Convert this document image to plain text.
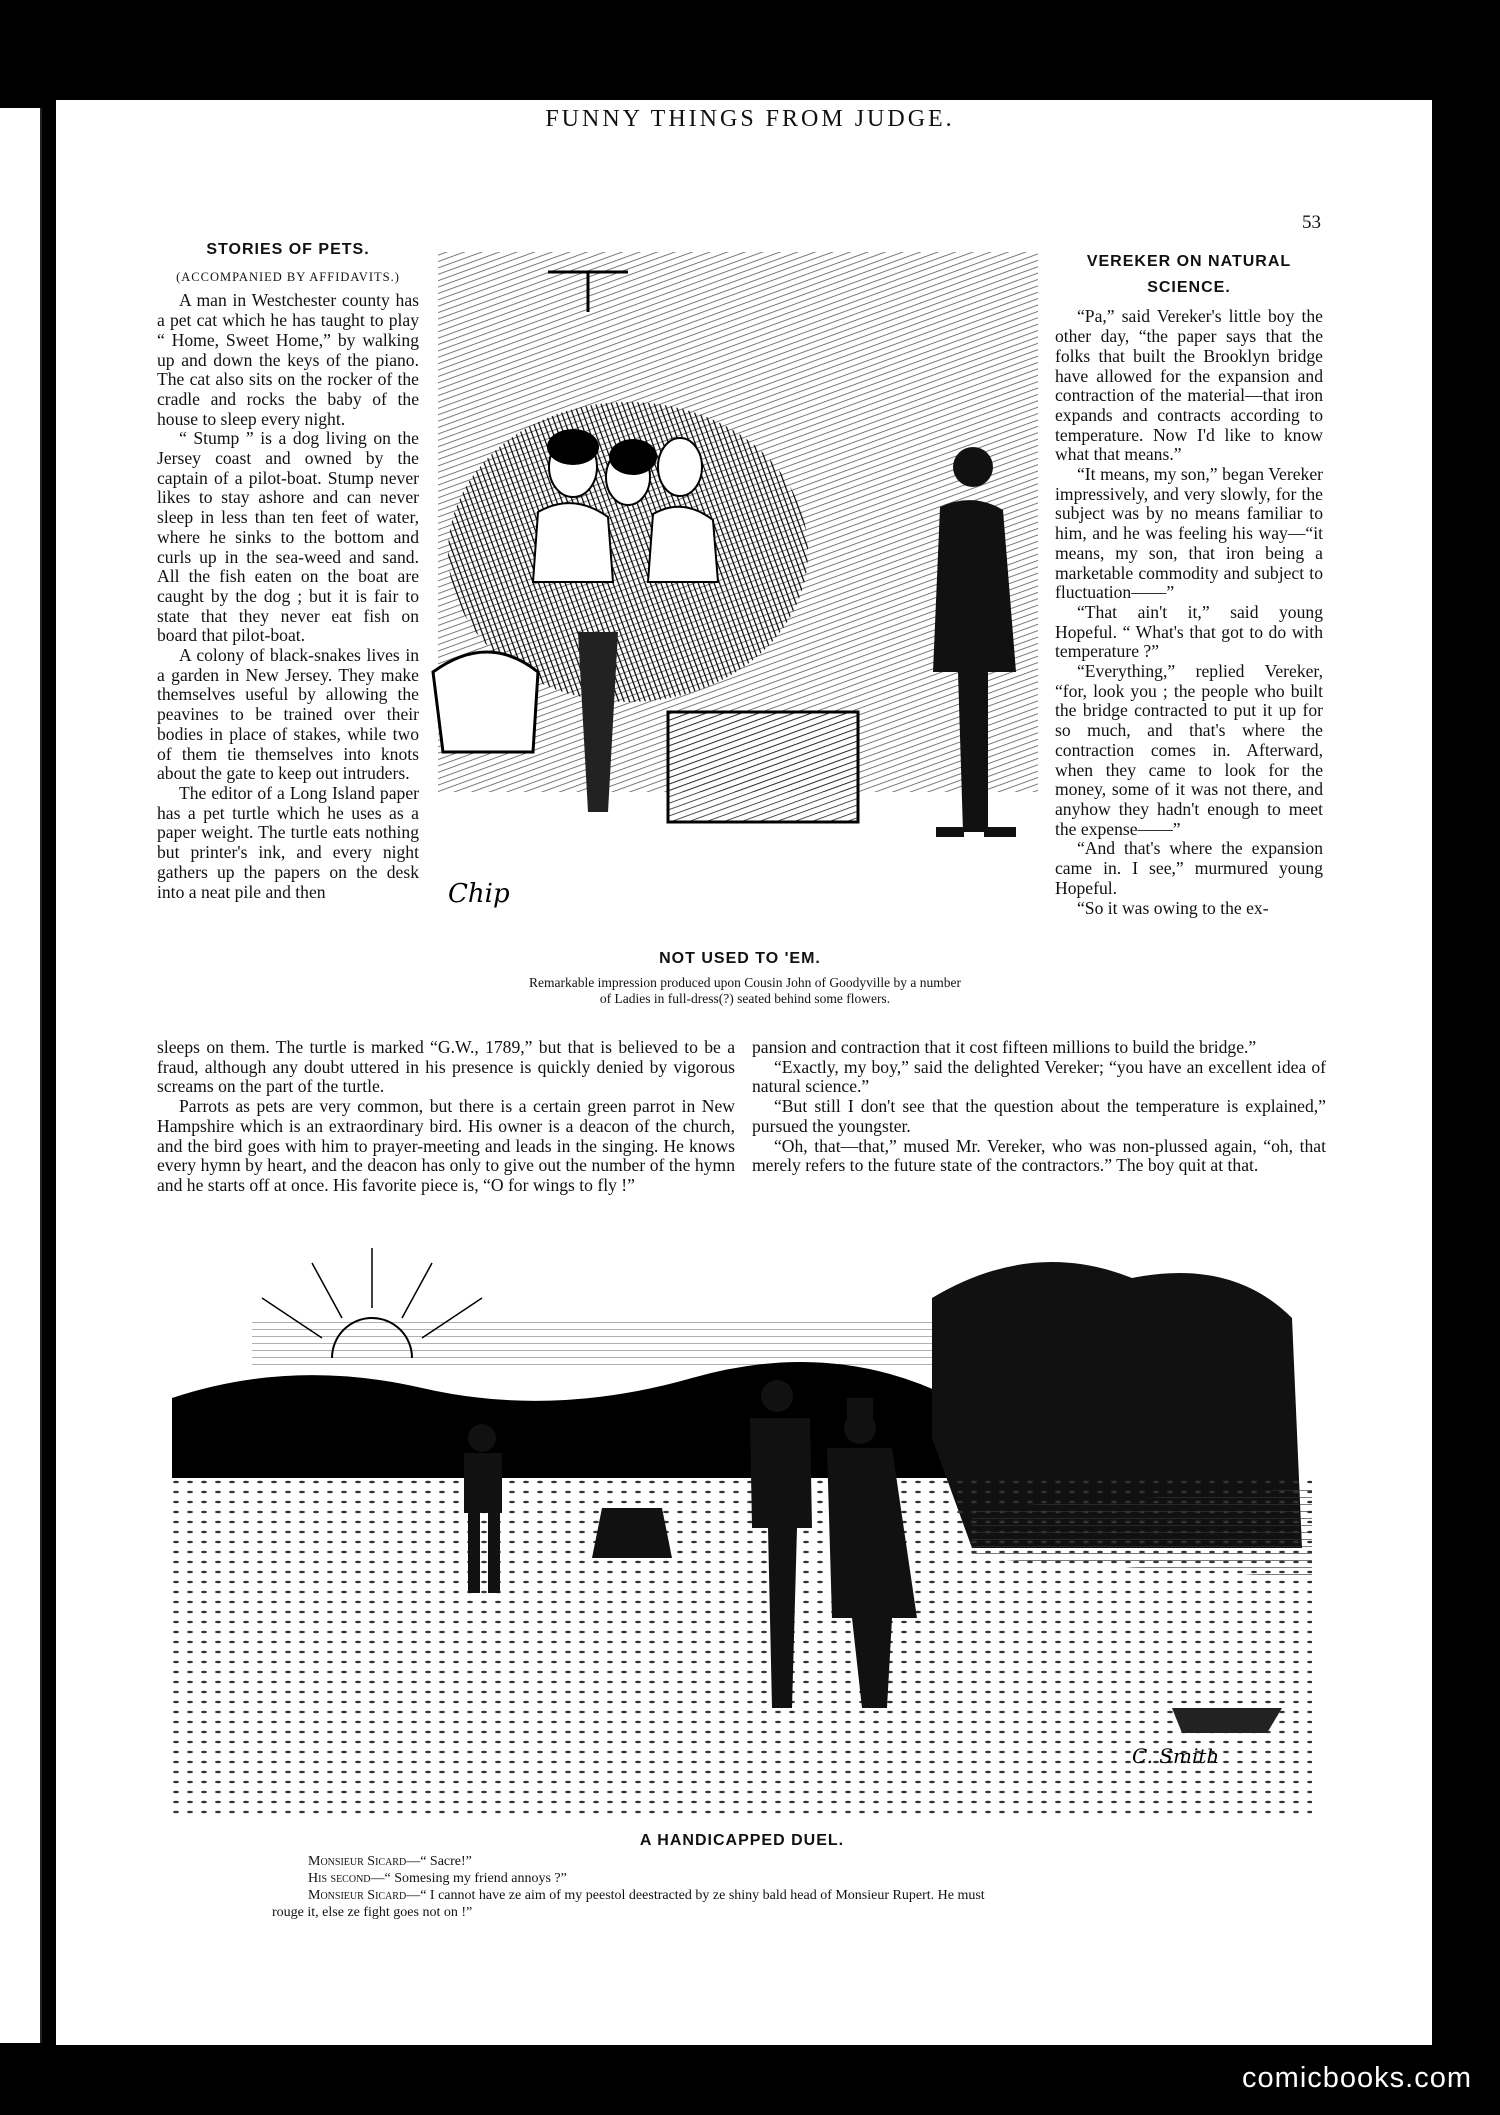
FUNNY THINGS FROM JUDGE.
53
STORIES OF PETS.
(ACCOMPANIED BY AFFIDAVITS.)

A man in Westchester county has a pet cat which he has taught to play “ Home, Sweet Home,” by walking up and down the keys of the piano. The cat also sits on the rocker of the cradle and rocks the baby of the house to sleep every night.

“ Stump ” is a dog living on the Jersey coast and owned by the captain of a pilot-boat. Stump never likes to stay ashore and can never sleep in less than ten feet of water, where he sinks to the bottom and curls up in the sea-weed and sand. All the fish eaten on the boat are caught by the dog ; but it is fair to state that they never eat fish on board that pilot-boat.

A colony of black-snakes lives in a garden in New Jersey. They make themselves useful by allowing the peavines to be trained over their bodies in place of stakes, while two of them tie themselves into knots about the gate to keep out intruders.

The editor of a Long Island paper has a pet turtle which he uses as a paper weight. The turtle eats nothing but printer's ink, and every night gathers up the papers on the desk into a neat pile and then	Chip
NOT USED TO 'EM.
Remarkable impression produced upon Cousin John of Goodyville by a number
of Ladies in full-dress(?) seated behind some flowers.
VEREKER ON NATURAL
SCIENCE.

“Pa,” said Vereker's little boy the other day, “the paper says that the folks that built the Brooklyn bridge have allowed for the expansion and contraction of the material—that iron expands and contracts according to temperature. Now I'd like to know what that means.”

“It means, my son,” began Vereker impressively, and very slowly, for the subject was by no means familiar to him, and he was feeling his way—“it means, my son, that iron being a marketable commodity and subject to fluctuation——”

“That ain't it,” said young Hopeful. “ What's that got to do with temperature ?”

“Everything,” replied Vereker, “for, look you ; the people who built the bridge contracted to put it up for so much, and that's where the contraction comes in. Afterward, when they came to look for the money, some of it was not there, and anyhow they hadn't enough to meet the expense——”

“And that's where the expansion came in. I see,” murmured young Hopeful.

“So it was owing to the ex-

sleeps on them. The turtle is marked “G.W., 1789,” but that is believed to be a fraud, although any doubt uttered in his presence is quickly denied by vigorous screams on the part of the turtle.

Parrots as pets are very common, but there is a certain green parrot in New Hampshire which is an extraordinary bird. His owner is a deacon of the church, and the bird goes with him to prayer-meeting and leads in the singing. He knows every hymn by heart, and the deacon has only to give out the number of the hymn and he starts off at once. His favorite piece is, “O for wings to fly !”

pansion and contraction that it cost fifteen millions to build the bridge.”

“Exactly, my boy,” said the delighted Vereker; “you have an excellent idea of natural science.”

“But still I don't see that the question about the temperature is explained,” pursued the youngster.

“Oh, that—that,” mused Mr. Vereker, who was non-plussed again, “oh, that merely refers to the future state of the contractors.” The boy quit at that.

C. Smith
A HANDICAPPED DUEL.
Monsieur Sicard—“ Sacre!”
His second—“ Somesing my friend annoys ?”
Monsieur Sicard—“ I cannot have ze aim of my peestol deestracted by ze shiny bald head of Monsieur Rupert. He must
rouge it, else ze fight goes not on !”
comicbooks.com
